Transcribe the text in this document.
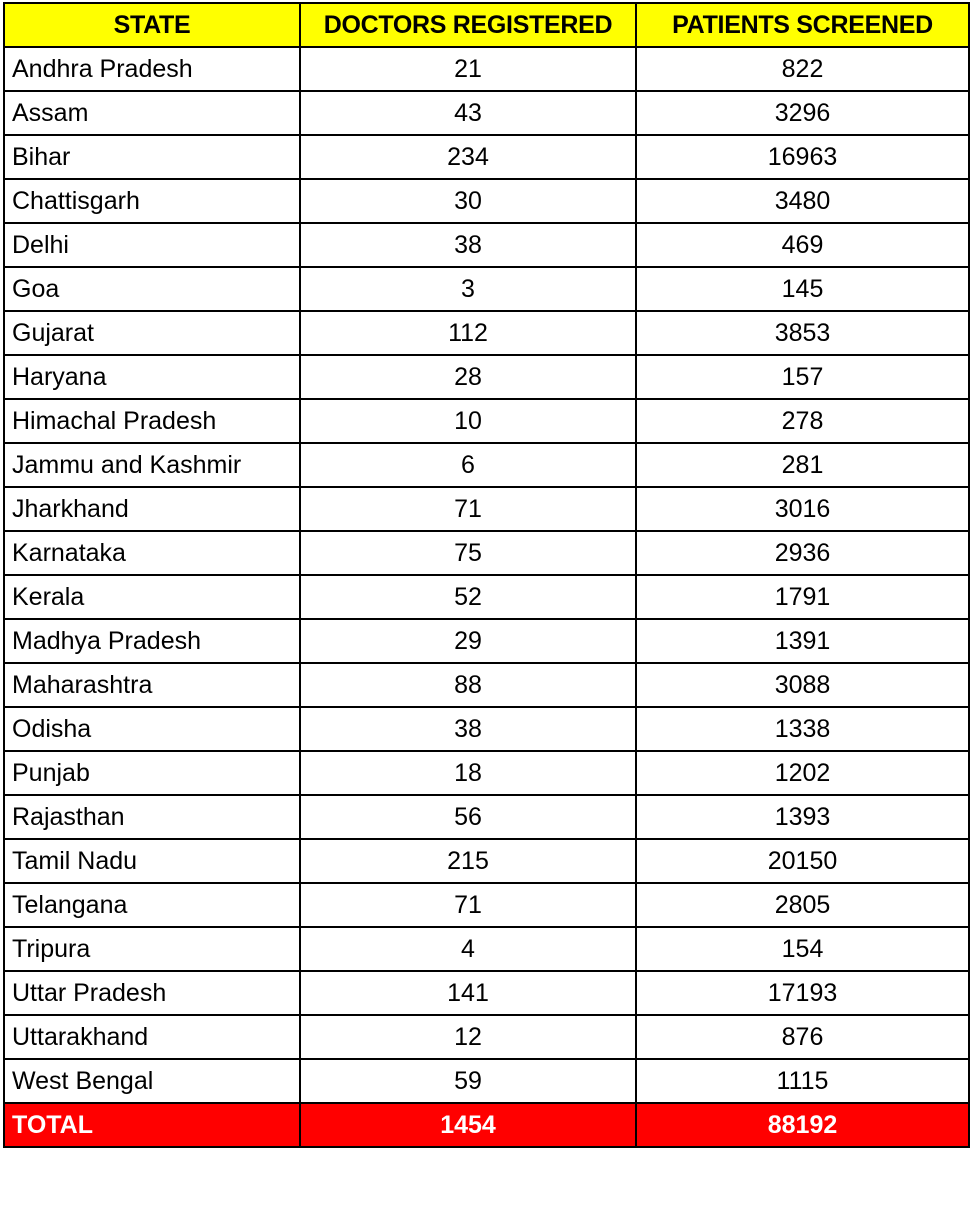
STATE	DOCTORS REGISTERED	PATIENTS SCREENED
Andhra Pradesh	21	822
Assam	43	3296
Bihar	234	16963
Chattisgarh	30	3480
Delhi	38	469
Goa	3	145
Gujarat	112	3853
Haryana	28	157
Himachal Pradesh	10	278
Jammu and Kashmir	6	281
Jharkhand	71	3016
Karnataka	75	2936
Kerala	52	1791
Madhya Pradesh	29	1391
Maharashtra	88	3088
Odisha	38	1338
Punjab	18	1202
Rajasthan	56	1393
Tamil Nadu	215	20150
Telangana	71	2805
Tripura	4	154
Uttar Pradesh	141	17193
Uttarakhand	12	876
West Bengal	59	1115
TOTAL	1454	88192
